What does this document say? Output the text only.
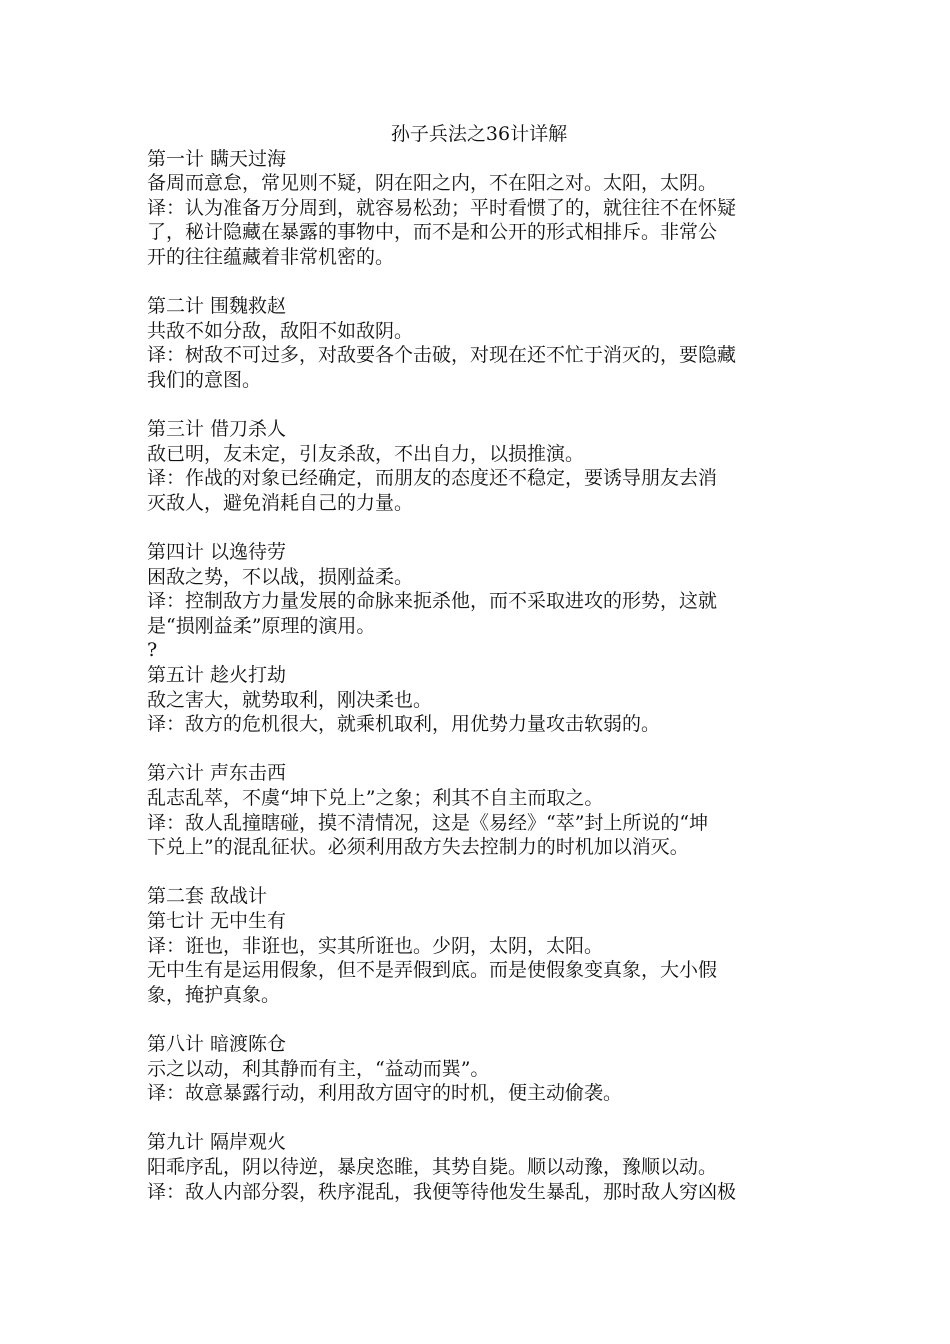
孙子兵法之36计详解

第一计 瞒天过海

备周而意怠，常见则不疑，阴在阳之内，不在阳之对。太阳，太阴。

译：认为准备万分周到，就容易松劲；平时看惯了的，就往往不在怀疑

了，秘计隐藏在暴露的事物中，而不是和公开的形式相排斥。非常公

开的往往蕴藏着非常机密的。

第二计 围魏救赵

共敌不如分敌，敌阳不如敌阴。

译：树敌不可过多，对敌要各个击破，对现在还不忙于消灭的，要隐藏

我们的意图。

第三计 借刀杀人

敌已明，友未定，引友杀敌，不出自力，以损推演。

译：作战的对象已经确定，而朋友的态度还不稳定，要诱导朋友去消

灭敌人，避免消耗自己的力量。

第四计 以逸待劳

困敌之势，不以战，损刚益柔。

译：控制敌方力量发展的命脉来扼杀他，而不采取进攻的形势，这就

是“损刚益柔”原理的演用。

?

第五计 趁火打劫

敌之害大，就势取利，刚决柔也。

译：敌方的危机很大，就乘机取利，用优势力量攻击软弱的。

第六计 声东击西

乱志乱萃，不虞“坤下兑上”之象；利其不自主而取之。

译：敌人乱撞瞎碰，摸不清情况，这是《易经》“萃”封上所说的“坤

下兑上”的混乱征状。必须利用敌方失去控制力的时机加以消灭。

第二套 敌战计

第七计 无中生有

译：诳也，非诳也，实其所诳也。少阴，太阴，太阳。

无中生有是运用假象，但不是弄假到底。而是使假象变真象，大小假

象，掩护真象。

第八计 暗渡陈仓

示之以动，利其静而有主，“益动而巽”。

译：故意暴露行动，利用敌方固守的时机，便主动偷袭。

第九计 隔岸观火

阳乖序乱，阴以待逆，暴戾恣睢，其势自毙。顺以动豫，豫顺以动。

译：敌人内部分裂，秩序混乱，我便等待他发生暴乱，那时敌人穷凶极
